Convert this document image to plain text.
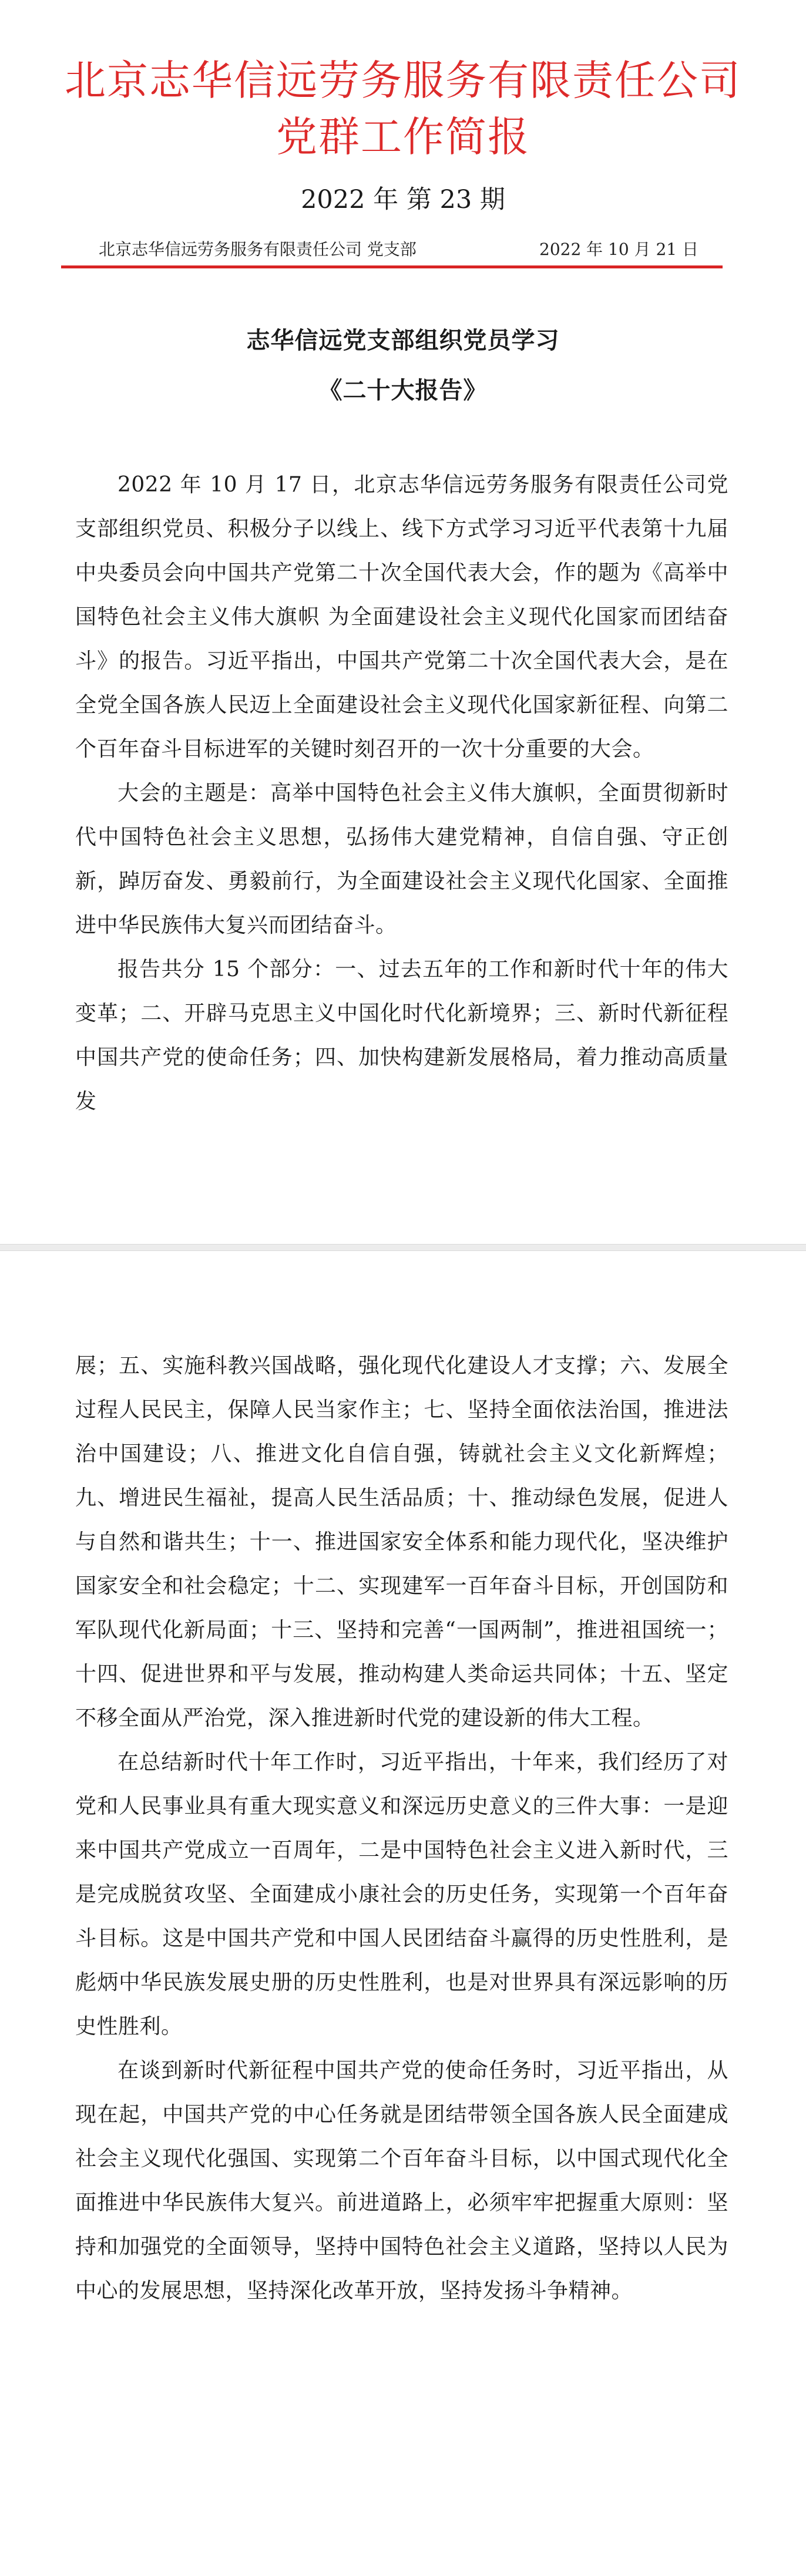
北京志华信远劳务服务有限责任公司
党群工作简报
2022 年 第 23 期
北京志华信远劳务服务有限责任公司 党支部	2022 年 10 月 21 日
志华信远党支部组织党员学习
《二十大报告》

2022 年 10 月 17 日，北京志华信远劳务服务有限责任公司党支部组织党员、积极分子以线上、线下方式学习习近平代表第十九届中央委员会向中国共产党第二十次全国代表大会，作的题为《高举中国特色社会主义伟大旗帜 为全面建设社会主义现代化国家而团结奋斗》的报告。习近平指出，中国共产党第二十次全国代表大会，是在全党全国各族人民迈上全面建设社会主义现代化国家新征程、向第二个百年奋斗目标进军的关键时刻召开的一次十分重要的大会。

大会的主题是：高举中国特色社会主义伟大旗帜，全面贯彻新时代中国特色社会主义思想，弘扬伟大建党精神，自信自强、守正创新，踔厉奋发、勇毅前行，为全面建设社会主义现代化国家、全面推进中华民族伟大复兴而团结奋斗。

报告共分 15 个部分：一、过去五年的工作和新时代十年的伟大变革；二、开辟马克思主义中国化时代化新境界；三、新时代新征程中国共产党的使命任务；四、加快构建新发展格局，着力推动高质量发

展；五、实施科教兴国战略，强化现代化建设人才支撑；六、发展全过程人民民主，保障人民当家作主；七、坚持全面依法治国，推进法治中国建设；八、推进文化自信自强，铸就社会主义文化新辉煌；九、增进民生福祉，提高人民生活品质；十、推动绿色发展，促进人与自然和谐共生；十一、推进国家安全体系和能力现代化，坚决维护国家安全和社会稳定；十二、实现建军一百年奋斗目标，开创国防和军队现代化新局面；十三、坚持和完善“一国两制”，推进祖国统一；十四、促进世界和平与发展，推动构建人类命运共同体；十五、坚定不移全面从严治党，深入推进新时代党的建设新的伟大工程。

在总结新时代十年工作时，习近平指出，十年来，我们经历了对党和人民事业具有重大现实意义和深远历史意义的三件大事：一是迎来中国共产党成立一百周年，二是中国特色社会主义进入新时代，三是完成脱贫攻坚、全面建成小康社会的历史任务，实现第一个百年奋斗目标。这是中国共产党和中国人民团结奋斗赢得的历史性胜利，是彪炳中华民族发展史册的历史性胜利，也是对世界具有深远影响的历史性胜利。

在谈到新时代新征程中国共产党的使命任务时，习近平指出，从现在起，中国共产党的中心任务就是团结带领全国各族人民全面建成社会主义现代化强国、实现第二个百年奋斗目标，以中国式现代化全面推进中华民族伟大复兴。前进道路上，必须牢牢把握重大原则：坚持和加强党的全面领导，坚持中国特色社会主义道路，坚持以人民为中心的发展思想，坚持深化改革开放，坚持发扬斗争精神。
